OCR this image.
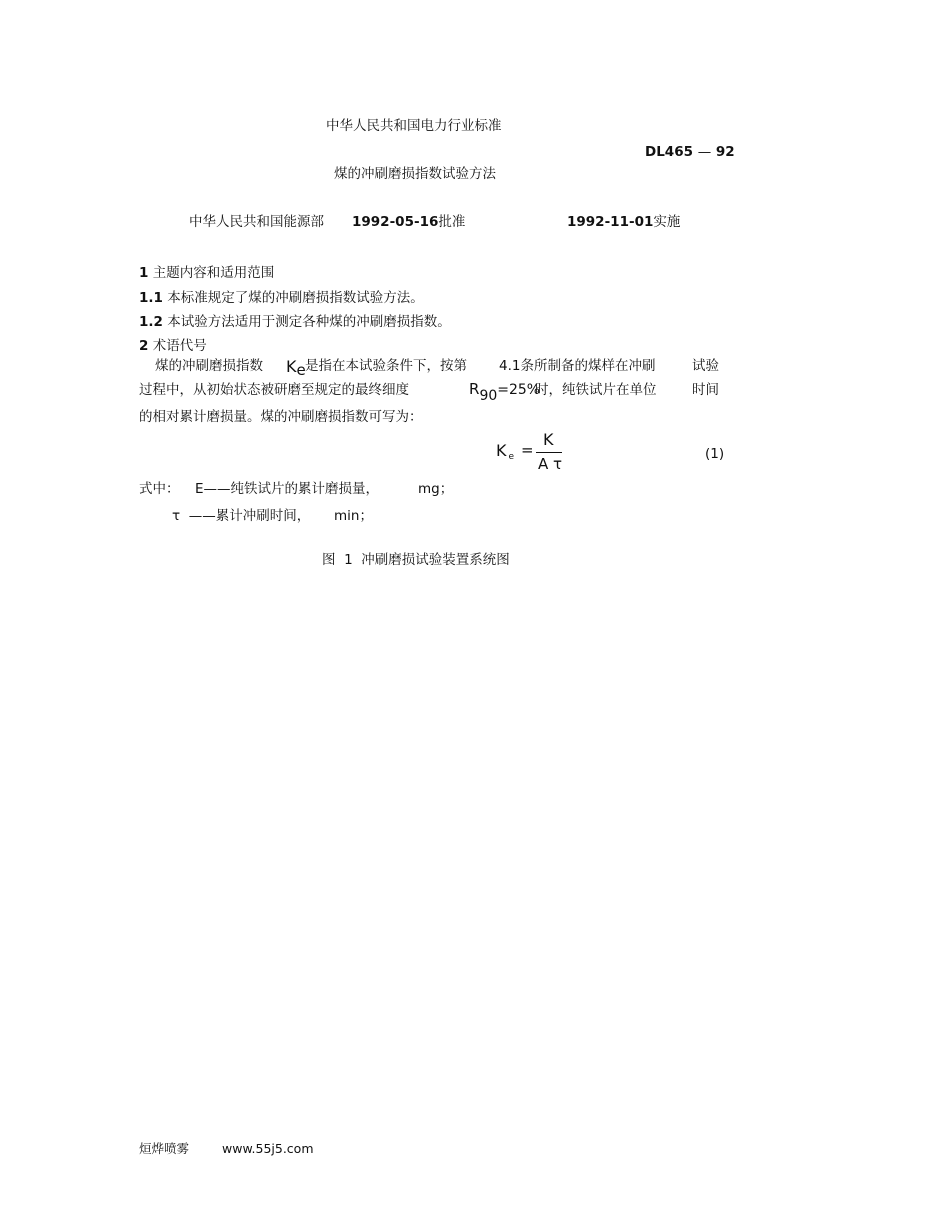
中华人民共和国电力行业标准
DL465 — 92
煤的冲刷磨损指数试验方法
中华人民共和国能源部 1992-05-16批准	1992-11-01实施
1 主题内容和适用范围
1.1 本标准规定了煤的冲刷磨损指数试验方法。
1.2 本试验方法适用于测定各种煤的冲刷磨损指数。
2 术语代号
煤的冲刷磨损指数 Ke 是指在本试验条件下，按第 4.1条所制备的煤样在冲刷	试验
过程中，从初始状态被研磨至规定的最终细度	R90=25%
时，纯铁试片在单位	时间
的相对累计磨损量。煤的冲刷磨损指数可写为：
Ke =
K
A τ
(1)
式中： E——纯铁试片的累计磨损量，	mg；
τ ——累计冲刷时间， min；
图  1  冲刷磨损试验装置系统图
烜烨喷雾	www.55j5.com
